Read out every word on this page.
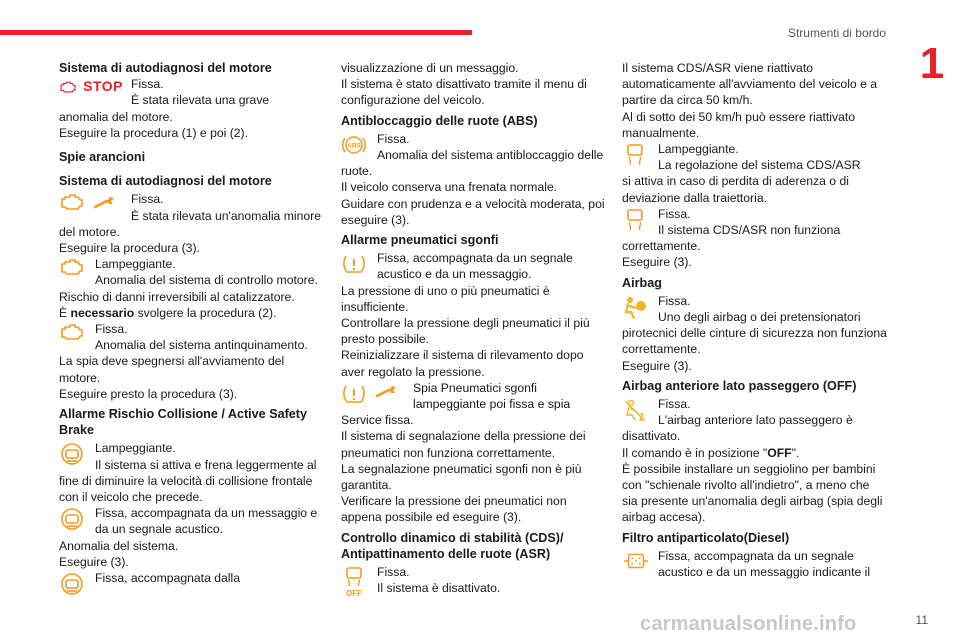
Strumenti di bordo
1
Sistema di autodiagnosi del motore
STOP Fissa.

È stata rilevata una grave

anomalia del motore.

Eseguire la procedura (1) e poi (2).

Spie arancioni
Sistema di autodiagnosi del motore

Fissa.

È stata rilevata un'anomalia minore

del motore.

Eseguire la procedura (3).

Lampeggiante.

Anomalia del sistema di controllo motore.

Rischio di danni irreversibili al catalizzatore.

È necessario svolgere la procedura (2).

Fissa.

Anomalia del sistema antinquinamento.

La spia deve spegnersi all'avviamento del

motore.

Eseguire presto la procedura (3).

Allarme Rischio Collisione / Active Safety
Brake

Lampeggiante.

Il sistema si attiva e frena leggermente al

fine di diminuire la velocità di collisione frontale

con il veicolo che precede.

Fissa, accompagnata da un messaggio e

da un segnale acustico.

Anomalia del sistema.

Eseguire (3).

Fissa, accompagnata dalla

visualizzazione di un messaggio.

Il sistema è stato disattivato tramite il menu di

configurazione del veicolo.

Antibloccaggio delle ruote (ABS)
ABS	Fissa.

Anomalia del sistema antibloccaggio delle

ruote.

Il veicolo conserva una frenata normale.

Guidare con prudenza e a velocità moderata, poi

eseguire (3).

Allarme pneumatici sgonfi

Fissa, accompagnata da un segnale

acustico e da un messaggio.

La pressione di uno o più pneumatici è

insufficiente.

Controllare la pressione degli pneumatici il più

presto possibile.

Reinizializzare il sistema di rilevamento dopo

aver regolato la pressione.

Spia Pneumatici sgonfi

lampeggiante poi fissa e spia

Service fissa.

Il sistema di segnalazione della pressione dei

pneumatici non funziona correttamente.

La segnalazione pneumatici sgonfi non è più

garantita.

Verificare la pressione dei pneumatici non

appena possibile ed eseguire (3).

Controllo dinamico di stabilità (CDS)/
Antipattinamento delle ruote (ASR)
OFF

Fissa.

Il sistema è disattivato.

Il sistema CDS/ASR viene riattivato

automaticamente all'avviamento del veicolo e a

partire da circa 50 km/h.

Al di sotto dei 50 km/h può essere riattivato

manualmente.

Lampeggiante.

La regolazione del sistema CDS/ASR

si attiva in caso di perdita di aderenza o di

deviazione dalla traiettoria.

Fissa.

Il sistema CDS/ASR non funziona

correttamente.

Eseguire (3).

Airbag

Fissa.

Uno degli airbag o dei pretensionatori

pirotecnici delle cinture di sicurezza non funziona

correttamente.

Eseguire (3).

Airbag anteriore lato passeggero (OFF)

Fissa.

L'airbag anteriore lato passeggero è

disattivato.

Il comando è in posizione "OFF".

È possibile installare un seggiolino per bambini

con "schienale rivolto all'indietro", a meno che

sia presente un'anomalia degli airbag (spia degli

airbag accesa).

Filtro antiparticolato(Diesel)

Fissa, accompagnata da un segnale

acustico e da un messaggio indicante il

carmanualsonline.info	11
